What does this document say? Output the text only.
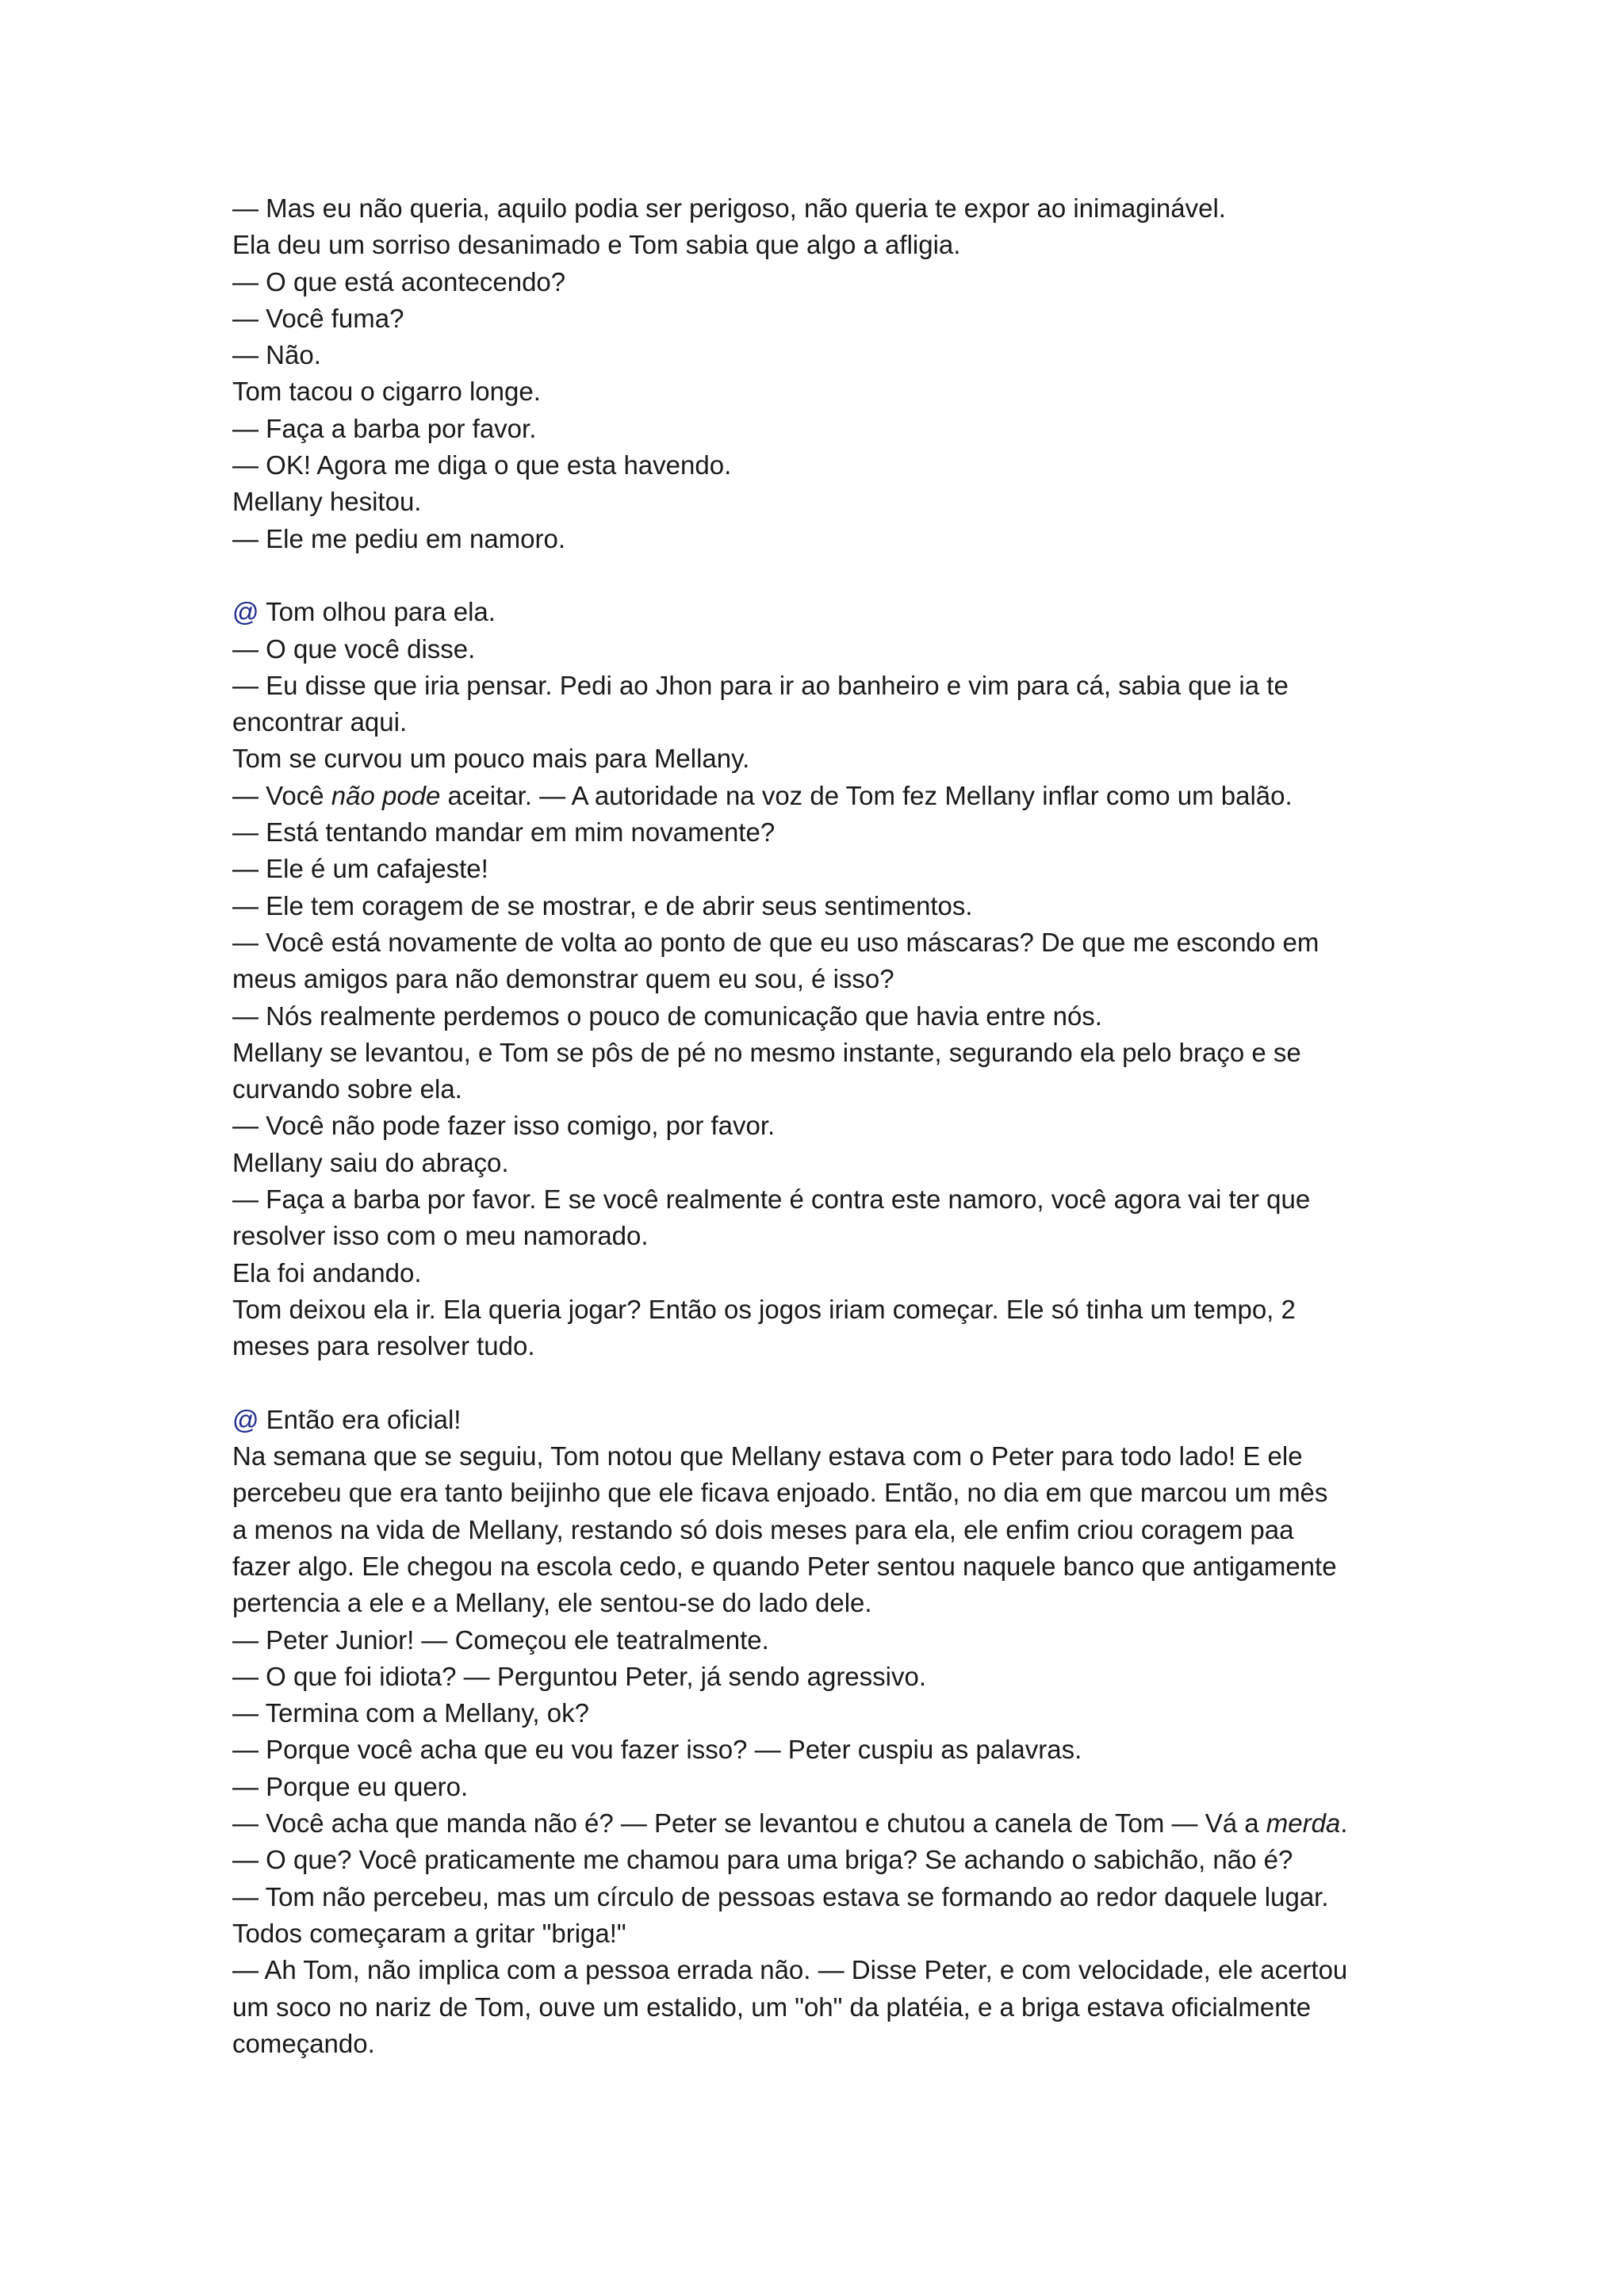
— Mas eu não queria, aquilo podia ser perigoso, não queria te expor ao inimaginável.
Ela deu um sorriso desanimado e Tom sabia que algo a afligia.
— O que está acontecendo?
— Você fuma?
— Não.
Tom tacou o cigarro longe.
— Faça a barba por favor.
— OK! Agora me diga o que esta havendo.
Mellany hesitou.
— Ele me pediu em namoro.
@ Tom olhou para ela.
— O que você disse.
— Eu disse que iria pensar. Pedi ao Jhon para ir ao banheiro e vim para cá, sabia que ia te
encontrar aqui.
Tom se curvou um pouco mais para Mellany.
— Você não pode aceitar. — A autoridade na voz de Tom fez Mellany inflar como um balão.
— Está tentando mandar em mim novamente?
— Ele é um cafajeste!
— Ele tem coragem de se mostrar, e de abrir seus sentimentos.
— Você está novamente de volta ao ponto de que eu uso máscaras? De que me escondo em
meus amigos para não demonstrar quem eu sou, é isso?
— Nós realmente perdemos o pouco de comunicação que havia entre nós.
Mellany se levantou, e Tom se pôs de pé no mesmo instante, segurando ela pelo braço e se
curvando sobre ela.
— Você não pode fazer isso comigo, por favor.
Mellany saiu do abraço.
— Faça a barba por favor. E se você realmente é contra este namoro, você agora vai ter que
resolver isso com o meu namorado.
Ela foi andando.
Tom deixou ela ir. Ela queria jogar? Então os jogos iriam começar. Ele só tinha um tempo, 2
meses para resolver tudo.
@ Então era oficial!
Na semana que se seguiu, Tom notou que Mellany estava com o Peter para todo lado! E ele
percebeu que era tanto beijinho que ele ficava enjoado. Então, no dia em que marcou um mês
a menos na vida de Mellany, restando só dois meses para ela, ele enfim criou coragem paa
fazer algo. Ele chegou na escola cedo, e quando Peter sentou naquele banco que antigamente
pertencia a ele e a Mellany, ele sentou-se do lado dele.
— Peter Junior! — Começou ele teatralmente.
— O que foi idiota? — Perguntou Peter, já sendo agressivo.
— Termina com a Mellany, ok?
— Porque você acha que eu vou fazer isso? — Peter cuspiu as palavras.
— Porque eu quero.
— Você acha que manda não é? — Peter se levantou e chutou a canela de Tom — Vá a merda.
— O que? Você praticamente me chamou para uma briga? Se achando o sabichão, não é?
— Tom não percebeu, mas um círculo de pessoas estava se formando ao redor daquele lugar.
Todos começaram a gritar "briga!"
— Ah Tom, não implica com a pessoa errada não. — Disse Peter, e com velocidade, ele acertou
um soco no nariz de Tom, ouve um estalido, um "oh" da platéia, e a briga estava oficialmente
começando.
